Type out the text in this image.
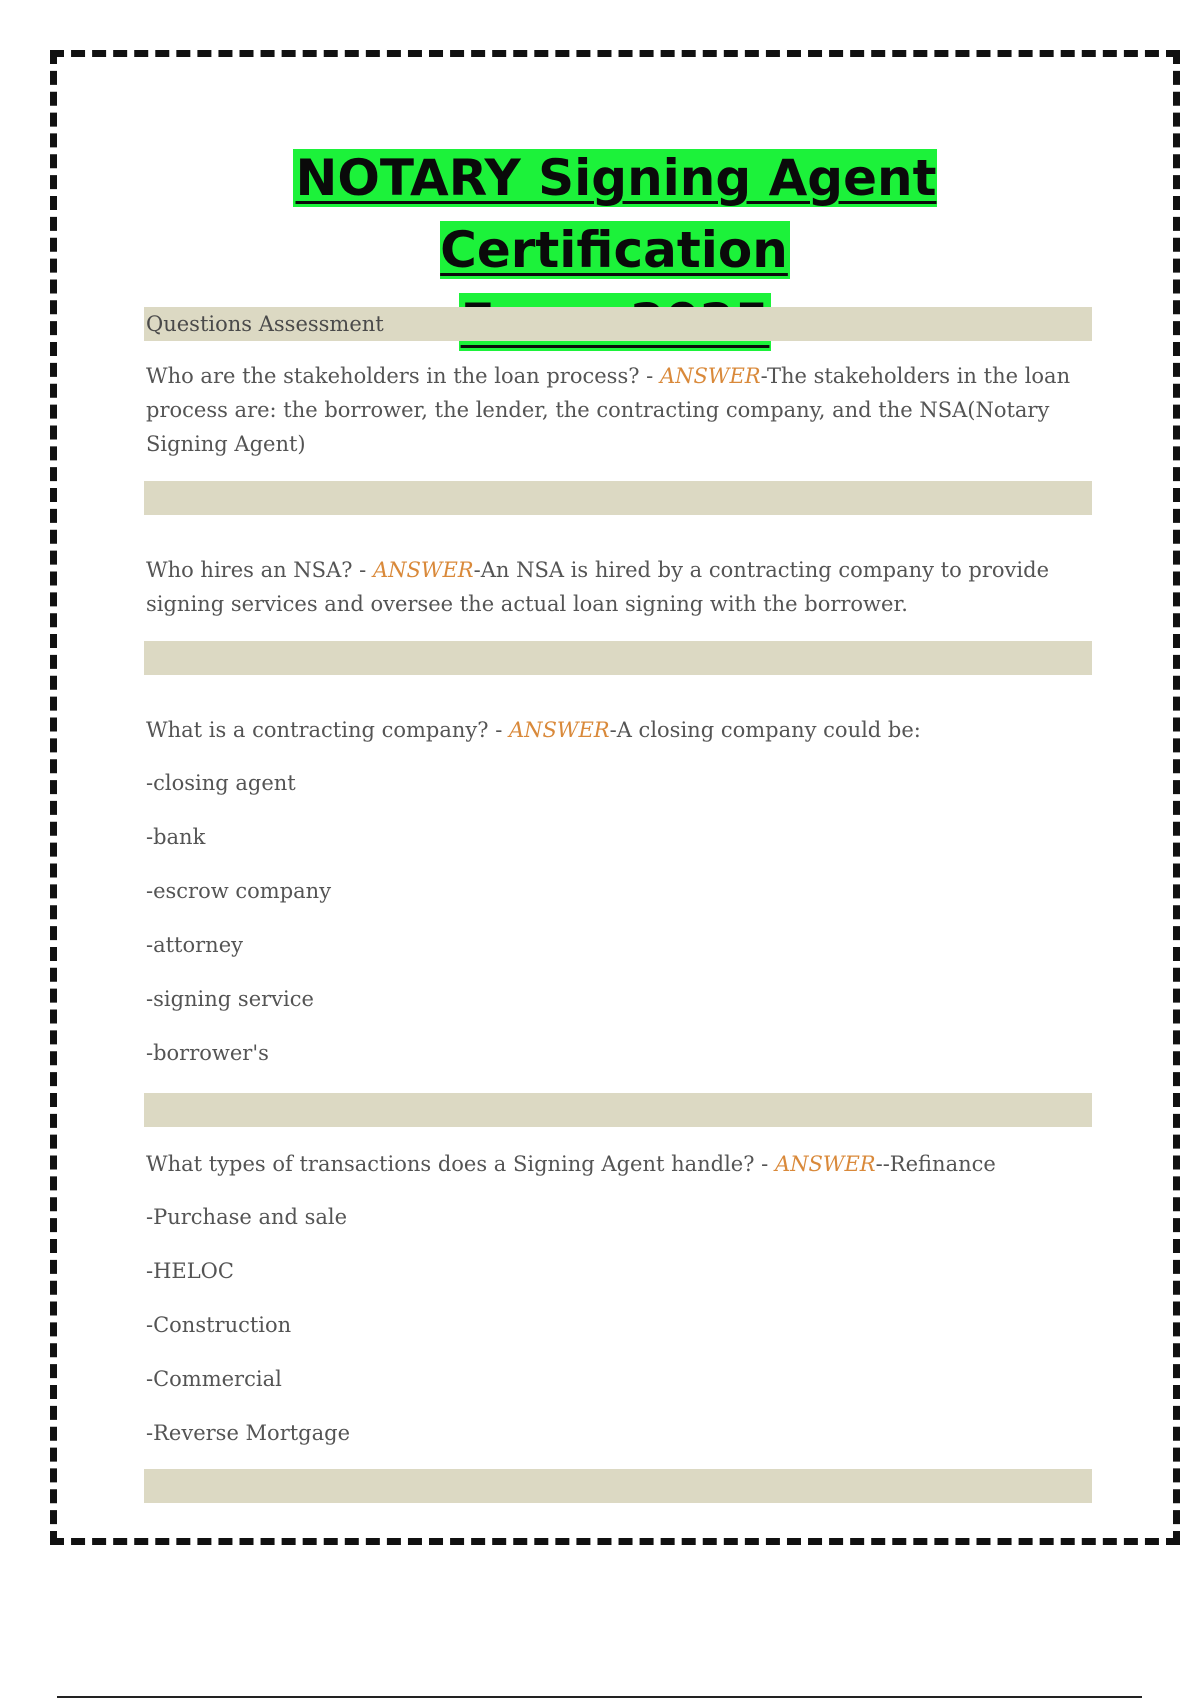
NOTARY Signing Agent Certification

Questions Assessment
Who are the stakeholders in the loan process? - ANSWER-The stakeholders in the loan process are: the borrower, the lender, the contracting company, and the NSA(Notary Signing Agent)
Who hires an NSA? - ANSWER-An NSA is hired by a contracting company to provide signing services and oversee the actual loan signing with the borrower.
What is a contracting company? - ANSWER-A closing company could be:
-closing agent
-bank
-escrow company
-attorney
-signing service
-borrower's
What types of transactions does a Signing Agent handle? - ANSWER--Refinance
-Purchase and sale
-HELOC
-Construction
-Commercial
-Reverse Mortgage
